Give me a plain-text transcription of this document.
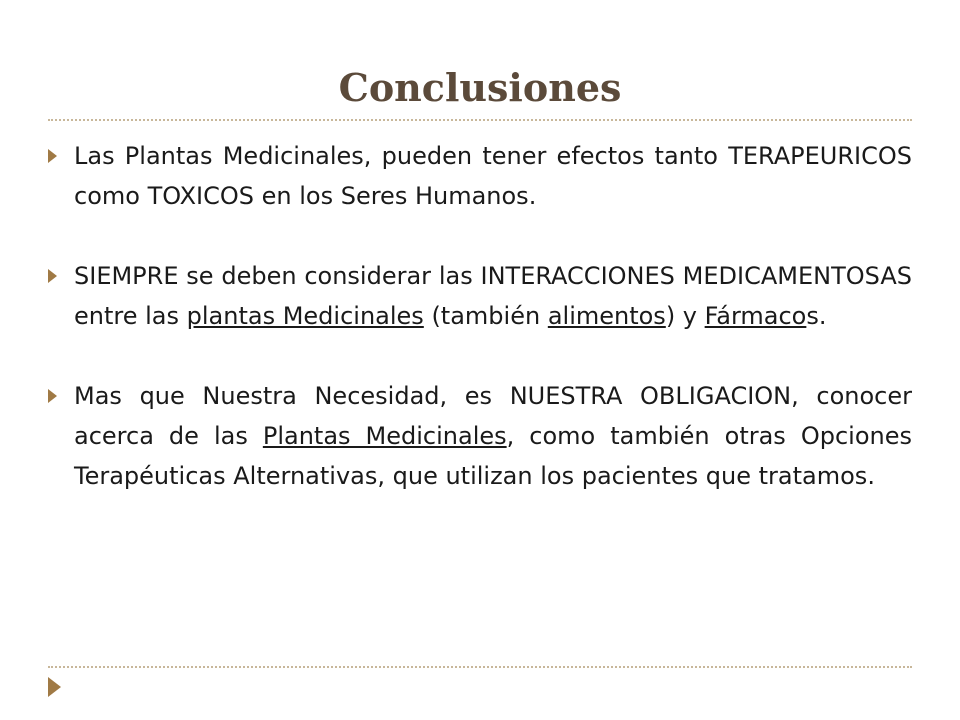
Conclusiones
Las Plantas Medicinales, pueden tener efectos tanto TERAPEURICOS como TOXICOS en los Seres Humanos.
SIEMPRE se deben considerar las INTERACCIONES MEDICAMENTOSAS entre las plantas Medicinales (también alimentos) y Fármacos.
Mas que Nuestra Necesidad, es NUESTRA OBLIGACION, conocer acerca de las Plantas Medicinales, como también otras Opciones Terapéuticas Alternativas, que utilizan los pacientes que tratamos.
